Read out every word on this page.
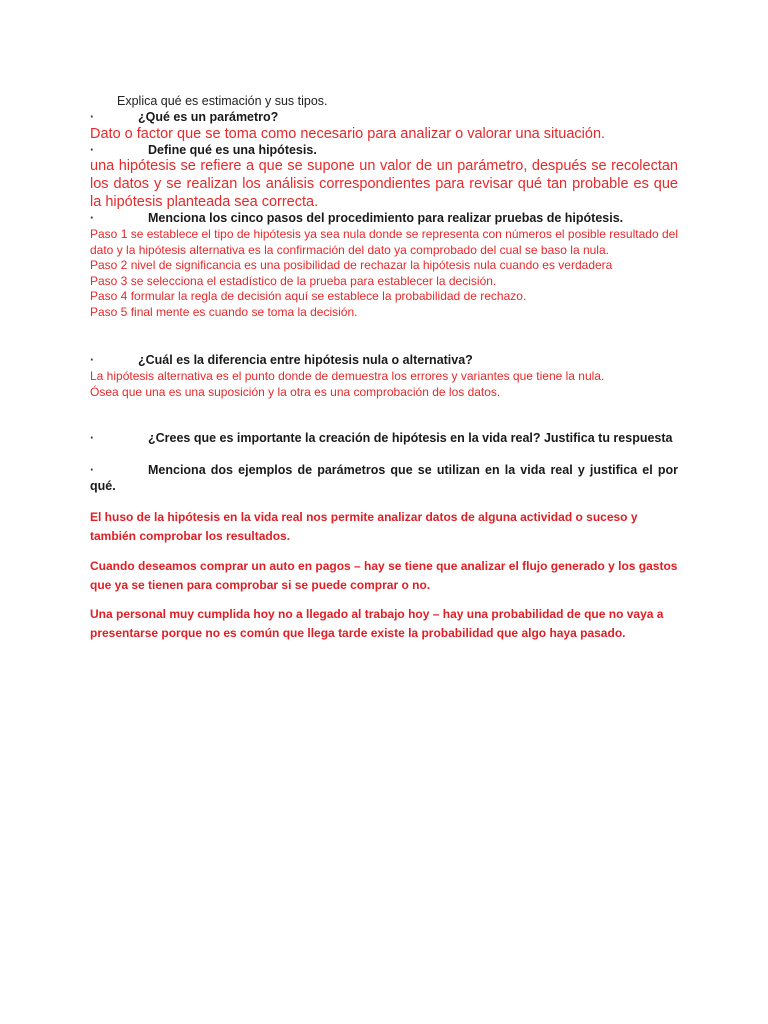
Explica qué es estimación y sus tipos.

·	¿Qué es un parámetro?

Dato o factor que se toma como necesario para analizar o valorar una situación.

·	Define qué es una hipótesis.

una hipótesis se refiere a que se supone un valor de un parámetro, después se recolectan los datos y se realizan los análisis correspondientes para revisar qué tan probable es que la hipótesis planteada sea correcta.

·	Menciona los cinco pasos del procedimiento para realizar pruebas de hipótesis.

Paso 1 se establece el tipo de hipótesis ya sea nula donde se representa con números el posible resultado del dato y la hipótesis alternativa es la confirmación del dato ya comprobado del cual se baso la nula.
Paso 2 nivel de significancia es una posibilidad de rechazar la hipótesis nula cuando es verdadera
Paso 3 se selecciona el estadístico de la prueba para establecer la decisión.
Paso 4 formular la regla de decisión aquí se establece la probabilidad de rechazo.
Paso 5 final mente es cuando se toma la decisión.

·	¿Cuál es la diferencia entre hipótesis nula o alternativa?

La hipótesis alternativa es el punto donde de demuestra los errores y variantes que tiene la nula.
Ósea que una es una suposición y la otra es una comprobación de los datos.

·	¿Crees que es importante la creación de hipótesis en la vida real? Justifica tu respuesta

·	Menciona dos ejemplos de parámetros que se utilizan en la vida real y justifica el por qué.

El huso de la hipótesis en la vida real nos permite analizar datos de alguna actividad o suceso y también comprobar los resultados.

Cuando deseamos comprar un auto en pagos – hay se tiene que analizar el flujo generado y los gastos que ya se tienen para comprobar si se puede comprar o no.

Una personal muy cumplida hoy no a llegado al trabajo hoy – hay una probabilidad de que no vaya a presentarse porque no es común que llega tarde existe la probabilidad que algo haya pasado.
